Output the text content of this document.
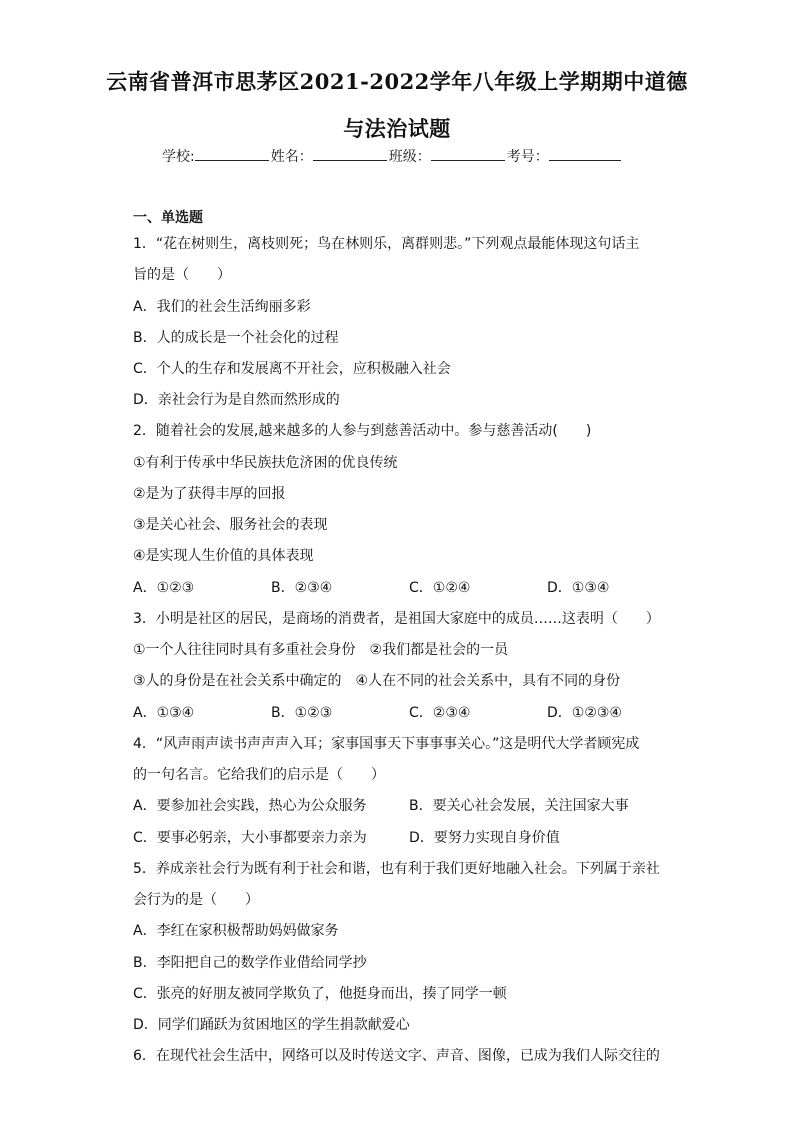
云南省普洱市思茅区2021-2022学年八年级上学期期中道德
与法治试题
学校:	姓名：	班级：	考号：
一、单选题
1．“花在树则生，离枝则死；鸟在林则乐，离群则悲。”下列观点最能体现这句话主
旨的是（　　）
A．我们的社会生活绚丽多彩
B．人的成长是一个社会化的过程
C．个人的生存和发展离不开社会，应积极融入社会
D．亲社会行为是自然而然形成的
2．随着社会的发展,越来越多的人参与到慈善活动中。参与慈善活动(　　)
①有利于传承中华民族扶危济困的优良传统
②是为了获得丰厚的回报
③是关心社会、服务社会的表现
④是实现人生价值的具体表现
A．①②③	B．②③④	C．①②④	D．①③④
3．小明是社区的居民，是商场的消费者，是祖国大家庭中的成员……这表明（　　）
①一个人往往同时具有多重社会身份　②我们都是社会的一员
③人的身份是在社会关系中确定的　④人在不同的社会关系中，具有不同的身份
A．①③④	B．①②③	C．②③④	D．①②③④
4．“风声雨声读书声声声入耳；家事国事天下事事事关心。”这是明代大学者顾宪成
的一句名言。它给我们的启示是（　　）
A．要参加社会实践，热心为公众服务	B．要关心社会发展，关注国家大事
C．要事必躬亲，大小事都要亲力亲为	D．要努力实现自身价值
5．养成亲社会行为既有利于社会和谐，也有利于我们更好地融入社会。下列属于亲社
会行为的是（　　）
A．李红在家积极帮助妈妈做家务
B．李阳把自己的数学作业借给同学抄
C．张亮的好朋友被同学欺负了，他挺身而出，揍了同学一顿
D．同学们踊跃为贫困地区的学生捐款献爱心
6．在现代社会生活中，网络可以及时传送文字、声音、图像，已成为我们人际交往的
